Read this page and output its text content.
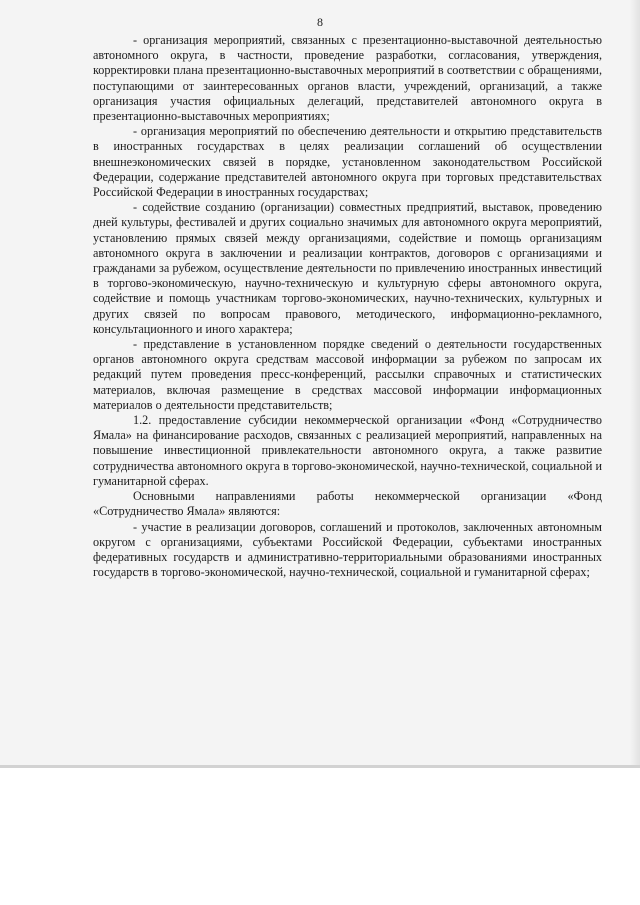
8

- организация мероприятий, связанных с презентационно-выставочной деятельностью автономного округа, в частности, проведение разработки, согласования, утверждения, корректировки плана презентационно-выставочных мероприятий в соответствии с обращениями, поступающими от заинтересованных органов власти, учреждений, организаций, а также организация участия официальных делегаций, представителей автономного округа в презентационно-выставочных мероприятиях;

- организация мероприятий по обеспечению деятельности и открытию представительств в иностранных государствах в целях реализации соглашений об осуществлении внешнеэкономических связей в порядке, установленном законодательством Российской Федерации, содержание представителей автономного округа при торговых представительствах Российской Федерации в иностранных государствах;

- содействие созданию (организации) совместных предприятий, выставок, проведению дней культуры, фестивалей и других социально значимых для автономного округа мероприятий, установлению прямых связей между организациями, содействие и помощь организациям автономного округа в заключении и реализации контрактов, договоров с организациями и гражданами за рубежом, осуществление деятельности по привлечению иностранных инвестиций в торгово-экономическую, научно-техническую и культурную сферы автономного округа, содействие и помощь участникам торгово-экономических, научно-технических, культурных и других связей по вопросам правового, методического, информационно-рекламного, консультационного и иного характера;

- представление в установленном порядке сведений о деятельности государственных органов автономного округа средствам массовой информации за рубежом по запросам их редакций путем проведения пресс-конференций, рассылки справочных и статистических материалов, включая размещение в средствах массовой информации информационных материалов о деятельности представительств;

1.2. предоставление субсидии некоммерческой организации «Фонд «Сотрудничество Ямала» на финансирование расходов, связанных с реализацией мероприятий, направленных на повышение инвестиционной привлекательности автономного округа, а также развитие сотрудничества автономного округа в торгово-экономической, научно-технической, социальной и гуманитарной сферах.

Основными направлениями работы некоммерческой организации «Фонд «Сотрудничество Ямала» являются:

- участие в реализации договоров, соглашений и протоколов, заключенных автономным округом с организациями, субъектами Российской Федерации, субъектами иностранных федеративных государств и административно-территориальными образованиями иностранных государств в торгово-экономической, научно-технической, социальной и гуманитарной сферах;
